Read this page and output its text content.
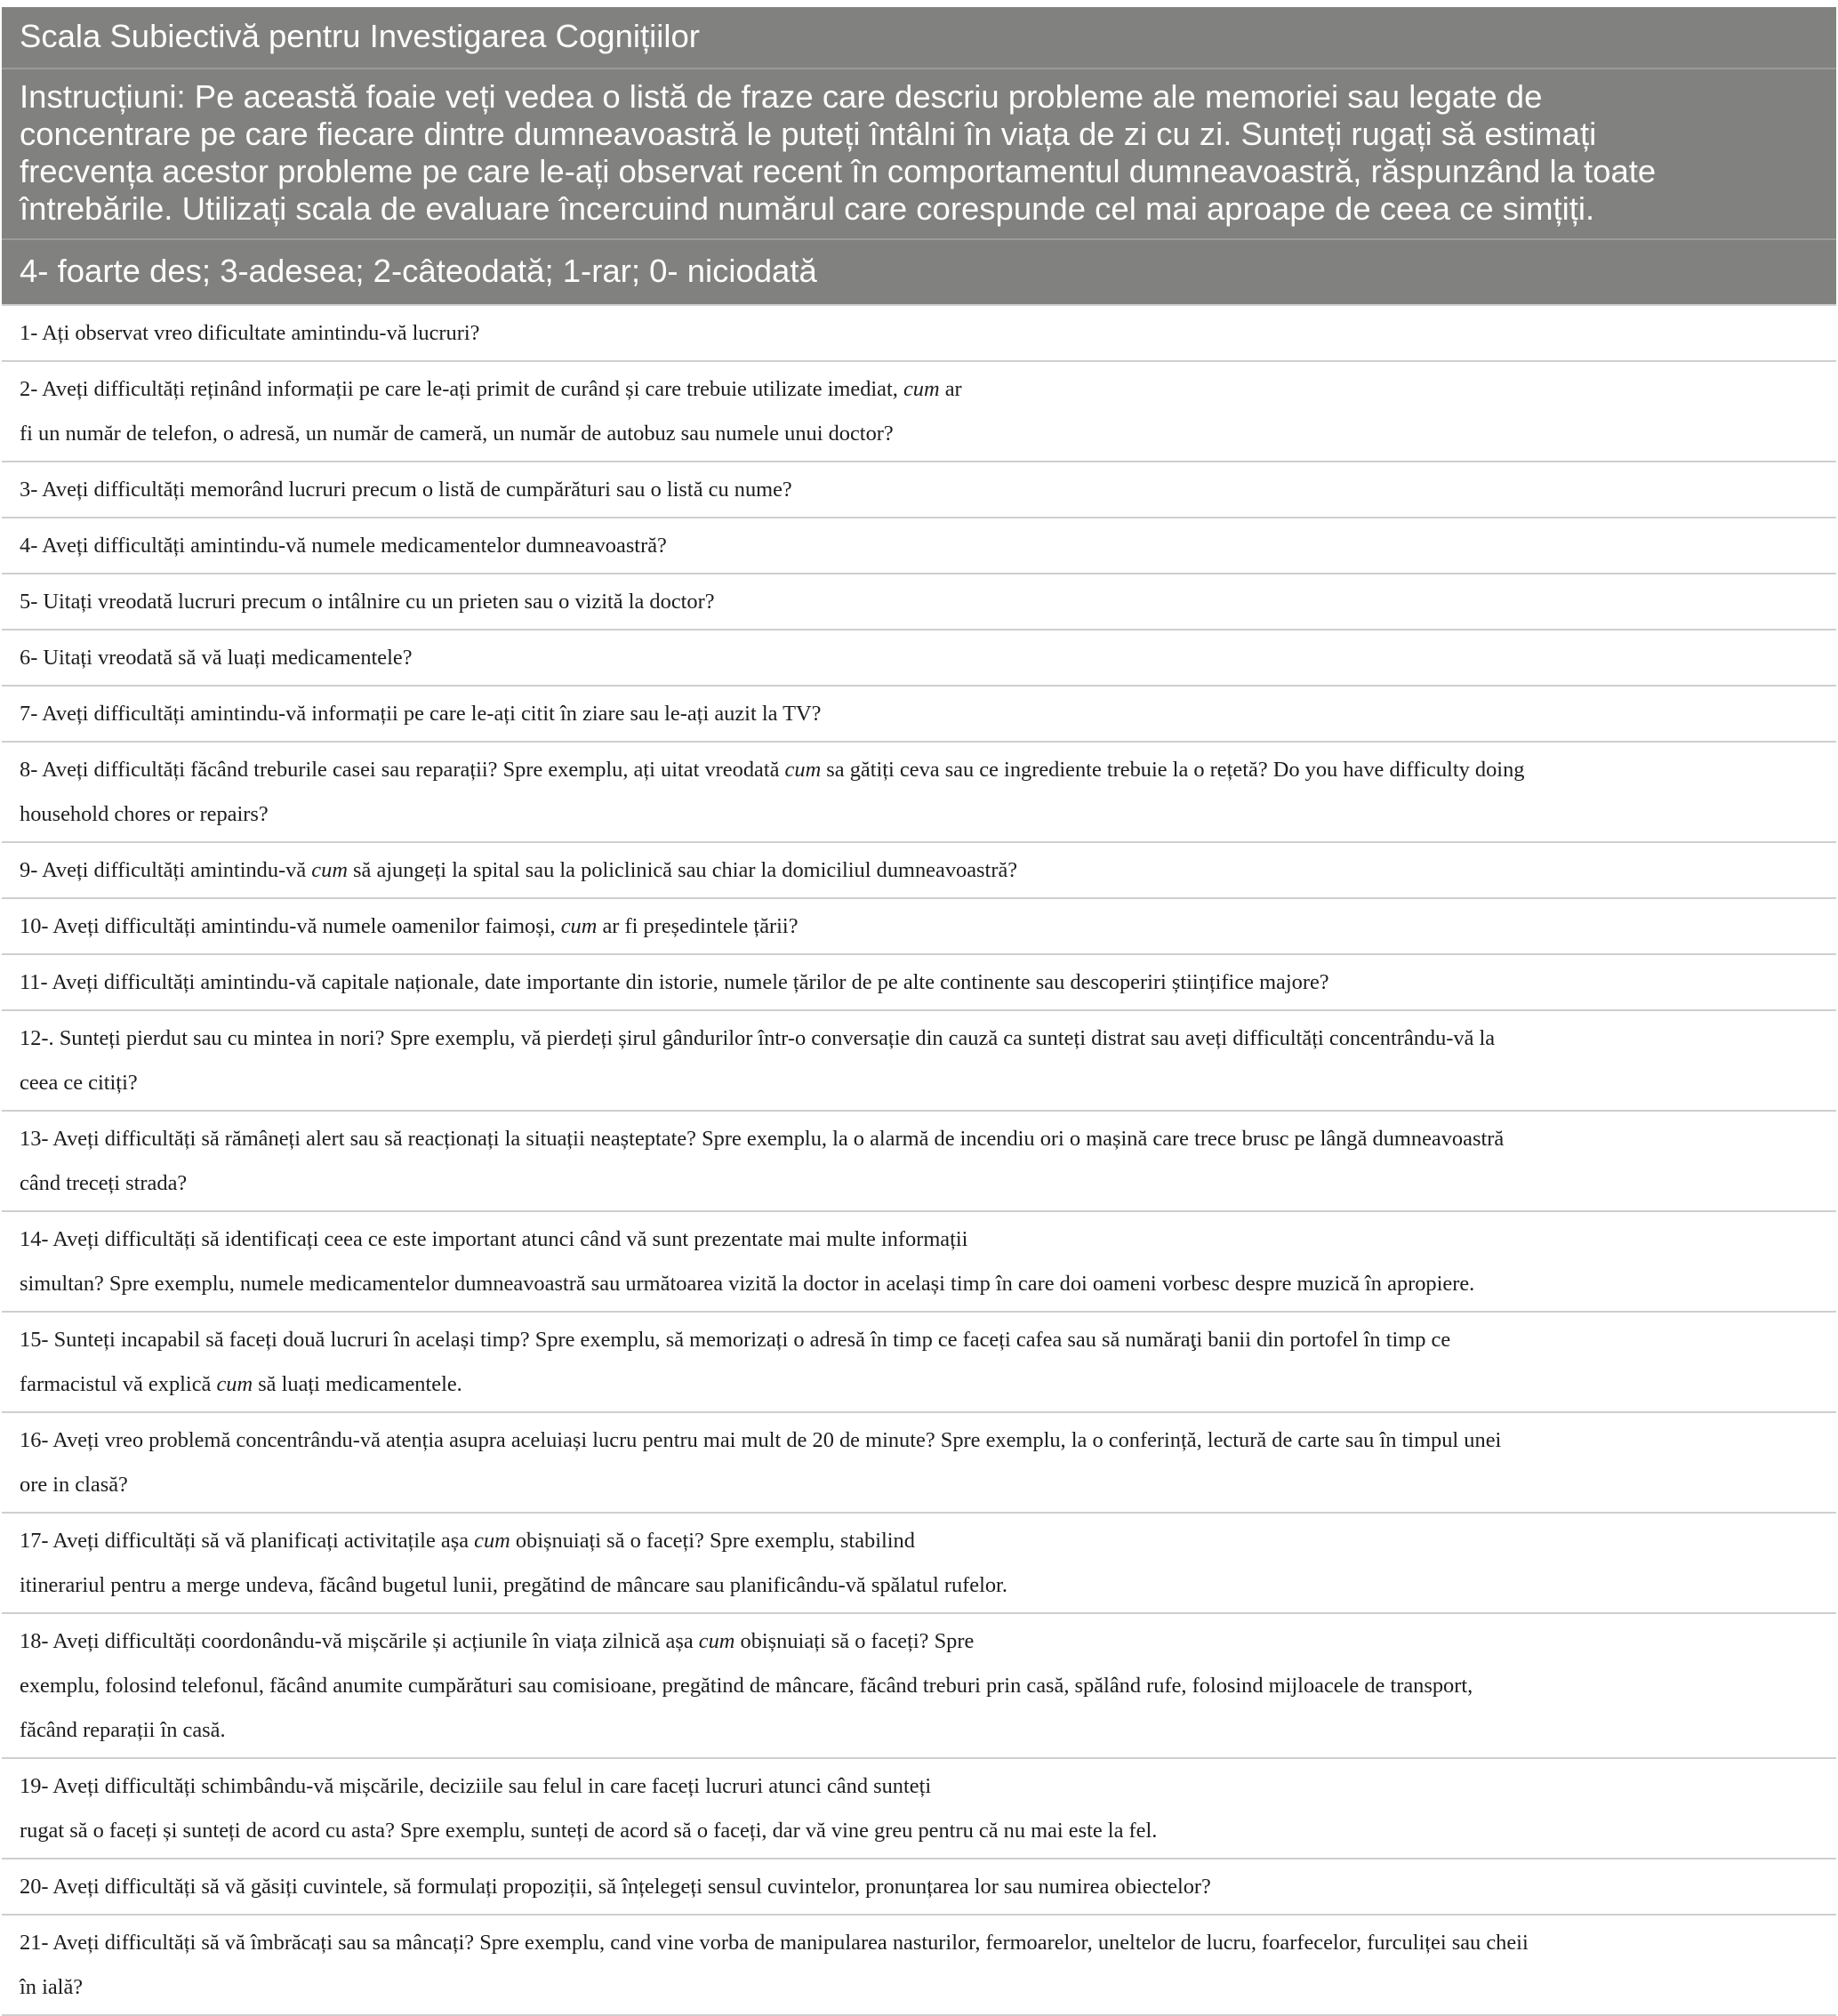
Scala Subiectivă pentru Investigarea Cognițiilor

Instrucțiuni: Pe această foaie veți vedea o listă de fraze care descriu probleme ale memoriei sau legate de
concentrare pe care fiecare dintre dumneavoastră le puteți întâlni în viața de zi cu zi. Sunteți rugați să estimați
frecvența acestor probleme pe care le-ați observat recent în comportamentul dumneavoastră, răspunzând la toate
întrebările. Utilizați scala de evaluare încercuind numărul care corespunde cel mai aproape de ceea ce simțiți.

4- foarte des; 3-adesea; 2-câteodată; 1-rar; 0- niciodată

1- Ați observat vreo dificultate amintindu-vă lucruri?

2- Aveți difficultăți reținând informații pe care le-ați primit de curând și care trebuie utilizate imediat, cum ar
fi un număr de telefon, o adresă, un număr de cameră, un număr de autobuz sau numele unui doctor?

3- Aveți difficultăți memorând lucruri precum o listă de cumpărături sau o listă cu nume?

4- Aveți difficultăți amintindu-vă numele medicamentelor dumneavoastră?

5- Uitați vreodată lucruri precum o intâlnire cu un prieten sau o vizită la doctor?

6- Uitați vreodată să vă luați medicamentele?

7- Aveți difficultăți amintindu-vă informații pe care le-ați citit în ziare sau le-ați auzit la TV?

8- Aveți difficultăți făcând treburile casei sau reparații? Spre exemplu, ați uitat vreodată cum sa gătiți ceva sau ce ingrediente trebuie la o rețetă? Do you have difficulty doing
household chores or repairs?

9- Aveți difficultăți amintindu-vă cum să ajungeți la spital sau la policlinică sau chiar la domiciliul dumneavoastră?

10- Aveți difficultăți amintindu-vă numele oamenilor faimoși, cum ar fi președintele țării?

11- Aveți difficultăți amintindu-vă capitale naționale, date importante din istorie, numele țărilor de pe alte continente sau descoperiri științifice majore?

12-. Sunteți pierdut sau cu mintea in nori? Spre exemplu, vă pierdeți șirul gândurilor într-o conversație din cauză ca sunteți distrat sau aveți difficultăți concentrându-vă la
ceea ce citiți?

13- Aveți difficultăți să rămâneți alert sau să reacționați la situații neașteptate? Spre exemplu, la o alarmă de incendiu ori o mașină care trece brusc pe lângă dumneavoastră
când treceți strada?

14- Aveți difficultăți să identificați ceea ce este important atunci când vă sunt prezentate mai multe informații
simultan? Spre exemplu, numele medicamentelor dumneavoastră sau următoarea vizită la doctor in același timp în care doi oameni vorbesc despre muzică în apropiere.

15- Sunteți incapabil să faceți două lucruri în același timp? Spre exemplu, să memorizați o adresă în timp ce faceți cafea sau să număraţi banii din portofel în timp ce
farmacistul vă explică cum să luați medicamentele.

16- Aveți vreo problemă concentrându-vă atenția asupra aceluiași lucru pentru mai mult de 20 de minute? Spre exemplu, la o conferință, lectură de carte sau în timpul unei
ore in clasă?

17- Aveți difficultăți să vă planificați activitațile așa cum obișnuiați să o faceți? Spre exemplu, stabilind
itinerariul pentru a merge undeva, făcând bugetul lunii, pregătind de mâncare sau planificându-vă spălatul rufelor.

18- Aveți difficultăți coordonându-vă mișcările și acțiunile în viața zilnică așa cum obișnuiați să o faceți? Spre
exemplu, folosind telefonul, făcând anumite cumpărături sau comisioane, pregătind de mâncare, făcând treburi prin casă, spălând rufe, folosind mijloacele de transport,
făcând reparații în casă.

19- Aveți difficultăți schimbându-vă mișcările, deciziile sau felul in care faceți lucruri atunci când sunteți
rugat să o faceți și sunteți de acord cu asta? Spre exemplu, sunteți de acord să o faceți, dar vă vine greu pentru că nu mai este la fel.

20- Aveți difficultăți să vă găsiți cuvintele, să formulați propoziții, să înțelegeți sensul cuvintelor, pronunțarea lor sau numirea obiectelor?

21- Aveți difficultăți să vă îmbrăcați sau sa mâncați? Spre exemplu, cand vine vorba de manipularea nasturilor, fermoarelor, uneltelor de lucru, foarfecelor, furculiței sau cheii
în ială?
